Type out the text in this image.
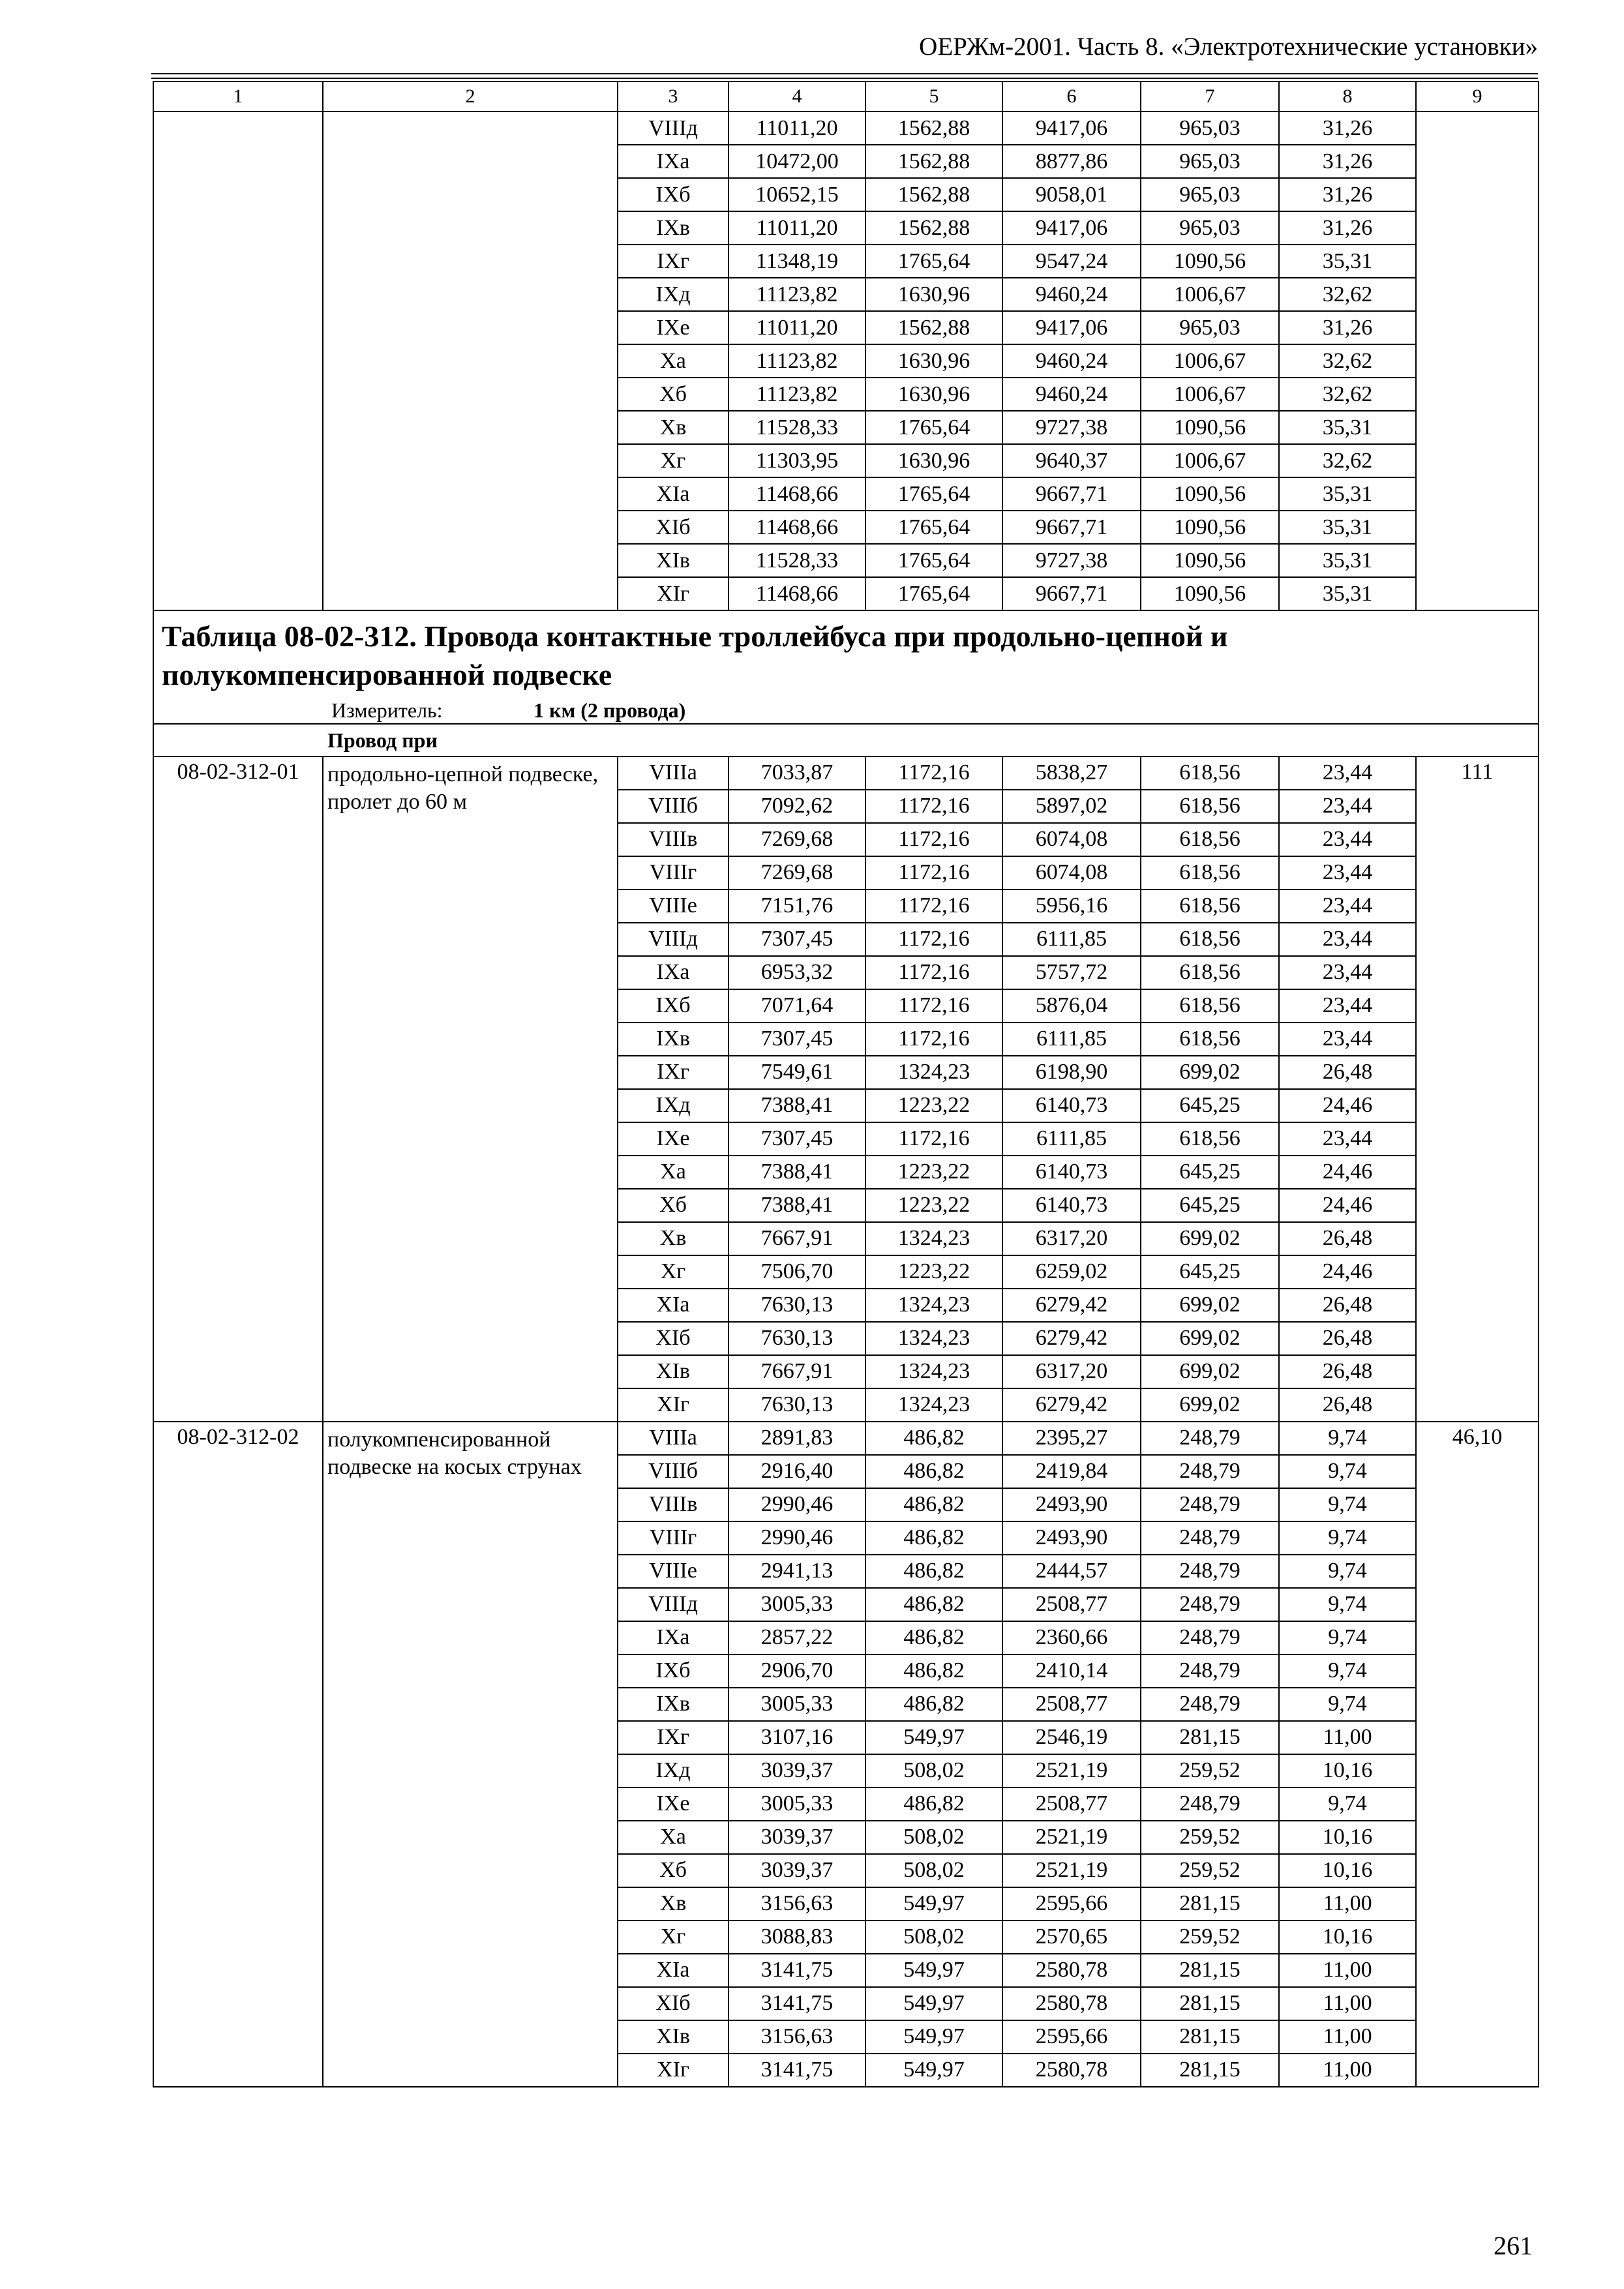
ОЕРЖм-2001. Часть 8. «Электротехнические установки»
1	2	3	4	5	6	7	8	9
		VIIIд	11011,20	1562,88	9417,06	965,03	31,26	
		IXа	10472,00	1562,88	8877,86	965,03	31,26	
		IXб	10652,15	1562,88	9058,01	965,03	31,26	
		IXв	11011,20	1562,88	9417,06	965,03	31,26	
		IXг	11348,19	1765,64	9547,24	1090,56	35,31	
		IXд	11123,82	1630,96	9460,24	1006,67	32,62	
		IXе	11011,20	1562,88	9417,06	965,03	31,26	
		Xа	11123,82	1630,96	9460,24	1006,67	32,62	
		Xб	11123,82	1630,96	9460,24	1006,67	32,62	
		Xв	11528,33	1765,64	9727,38	1090,56	35,31	
		Xг	11303,95	1630,96	9640,37	1006,67	32,62	
		XIа	11468,66	1765,64	9667,71	1090,56	35,31	
		XIб	11468,66	1765,64	9667,71	1090,56	35,31	
		XIв	11528,33	1765,64	9727,38	1090,56	35,31	
		XIг	11468,66	1765,64	9667,71	1090,56	35,31	

Таблица 08-02-312. Провода контактные троллейбуса при продольно-цепной и полукомпенсированной подвеске
Измеритель: 1 км (2 провода)								

Провод при								
08-02-312-01	продольно-цепной подвеске, пролет до 60 м	VIIIа	7033,87	1172,16	5838,27	618,56	23,44	111
		VIIIб	7092,62	1172,16	5897,02	618,56	23,44	
		VIIIв	7269,68	1172,16	6074,08	618,56	23,44	
		VIIIг	7269,68	1172,16	6074,08	618,56	23,44	
		VIIIе	7151,76	1172,16	5956,16	618,56	23,44	
		VIIIд	7307,45	1172,16	6111,85	618,56	23,44	
		IXа	6953,32	1172,16	5757,72	618,56	23,44	
		IXб	7071,64	1172,16	5876,04	618,56	23,44	
		IXв	7307,45	1172,16	6111,85	618,56	23,44	
		IXг	7549,61	1324,23	6198,90	699,02	26,48	
		IXд	7388,41	1223,22	6140,73	645,25	24,46	
		IXе	7307,45	1172,16	6111,85	618,56	23,44	
		Xа	7388,41	1223,22	6140,73	645,25	24,46	
		Xб	7388,41	1223,22	6140,73	645,25	24,46	
		Xв	7667,91	1324,23	6317,20	699,02	26,48	
		Xг	7506,70	1223,22	6259,02	645,25	24,46	
		XIа	7630,13	1324,23	6279,42	699,02	26,48	
		XIб	7630,13	1324,23	6279,42	699,02	26,48	
		XIв	7667,91	1324,23	6317,20	699,02	26,48	
		XIг	7630,13	1324,23	6279,42	699,02	26,48	
08-02-312-02	полукомпенсированной подвеске на косых струнах	VIIIа	2891,83	486,82	2395,27	248,79	9,74	46,10
		VIIIб	2916,40	486,82	2419,84	248,79	9,74	
		VIIIв	2990,46	486,82	2493,90	248,79	9,74	
		VIIIг	2990,46	486,82	2493,90	248,79	9,74	
		VIIIе	2941,13	486,82	2444,57	248,79	9,74	
		VIIIд	3005,33	486,82	2508,77	248,79	9,74	
		IXа	2857,22	486,82	2360,66	248,79	9,74	
		IXб	2906,70	486,82	2410,14	248,79	9,74	
		IXв	3005,33	486,82	2508,77	248,79	9,74	
		IXг	3107,16	549,97	2546,19	281,15	11,00	
		IXд	3039,37	508,02	2521,19	259,52	10,16	
		IXе	3005,33	486,82	2508,77	248,79	9,74	
		Xа	3039,37	508,02	2521,19	259,52	10,16	
		Xб	3039,37	508,02	2521,19	259,52	10,16	
		Xв	3156,63	549,97	2595,66	281,15	11,00	
		Xг	3088,83	508,02	2570,65	259,52	10,16	
		XIа	3141,75	549,97	2580,78	281,15	11,00	
		XIб	3141,75	549,97	2580,78	281,15	11,00	
		XIв	3156,63	549,97	2595,66	281,15	11,00	
		XIг	3141,75	549,97	2580,78	281,15	11,00	
261
